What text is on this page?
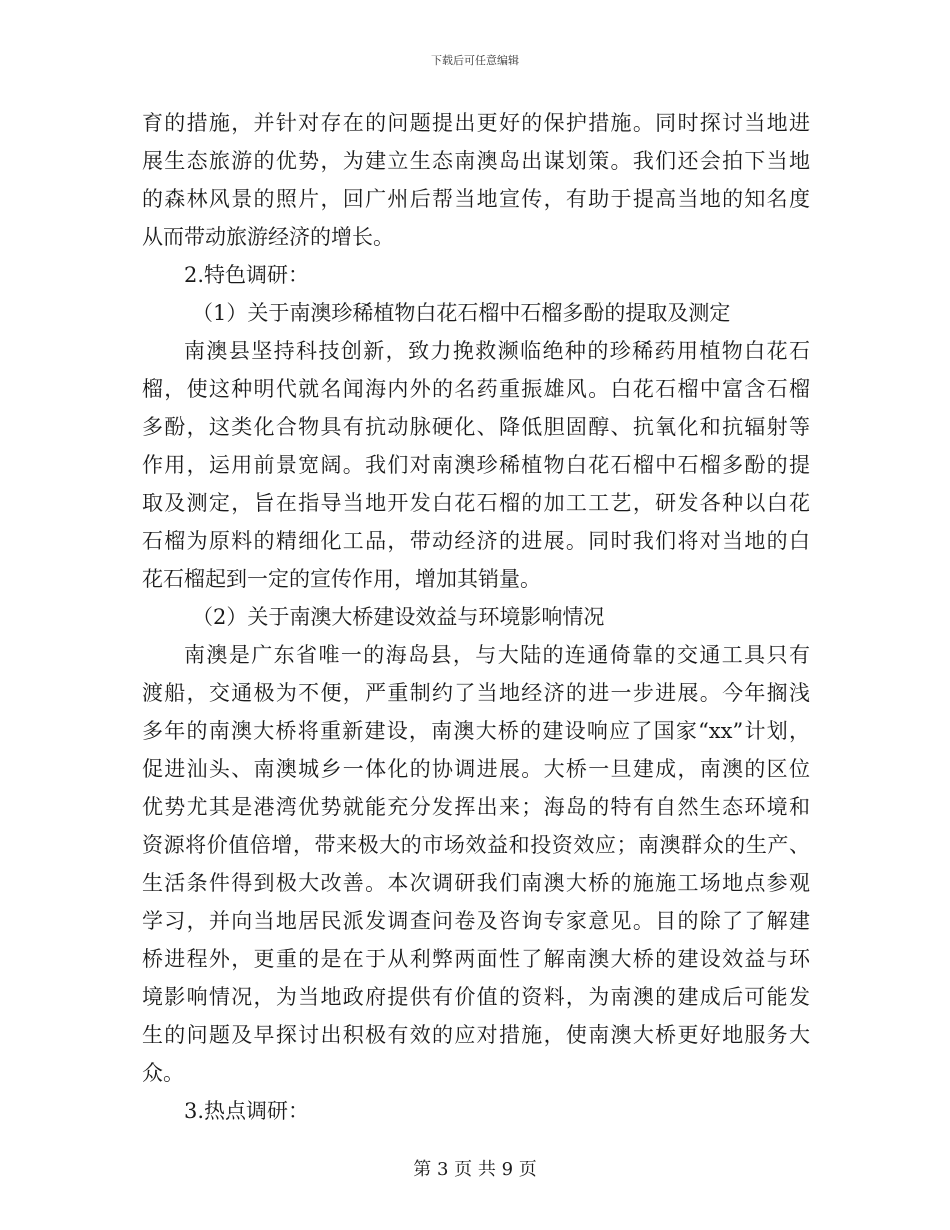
下载后可任意编辑
育的措施，并针对存在的问题提出更好的保护措施。同时探讨当地进
展生态旅游的优势，为建立生态南澳岛出谋划策。我们还会拍下当地
的森林风景的照片，回广州后帮当地宣传，有助于提高当地的知名度
从而带动旅游经济的增长。
2.特色调研：
（1）关于南澳珍稀植物白花石榴中石榴多酚的提取及测定
南澳县坚持科技创新，致力挽救濒临绝种的珍稀药用植物白花石
榴，使这种明代就名闻海内外的名药重振雄风。白花石榴中富含石榴
多酚，这类化合物具有抗动脉硬化、降低胆固醇、抗氧化和抗辐射等
作用，运用前景宽阔。我们对南澳珍稀植物白花石榴中石榴多酚的提
取及测定，旨在指导当地开发白花石榴的加工工艺，研发各种以白花
石榴为原料的精细化工品，带动经济的进展。同时我们将对当地的白
花石榴起到一定的宣传作用，增加其销量。
（2）关于南澳大桥建设效益与环境影响情况
南澳是广东省唯一的海岛县，与大陆的连通倚靠的交通工具只有
渡船，交通极为不便，严重制约了当地经济的进一步进展。今年搁浅
多年的南澳大桥将重新建设，南澳大桥的建设响应了国家“xx”计划，
促进汕头、南澳城乡一体化的协调进展。大桥一旦建成，南澳的区位
优势尤其是港湾优势就能充分发挥出来；海岛的特有自然生态环境和
资源将价值倍增，带来极大的市场效益和投资效应；南澳群众的生产、
生活条件得到极大改善。本次调研我们南澳大桥的施施工场地点参观
学习，并向当地居民派发调查问卷及咨询专家意见。目的除了了解建
桥进程外，更重的是在于从利弊两面性了解南澳大桥的建设效益与环
境影响情况，为当地政府提供有价值的资料，为南澳的建成后可能发
生的问题及早探讨出积极有效的应对措施，使南澳大桥更好地服务大
众。
3.热点调研：
第 3 页 共 9 页
